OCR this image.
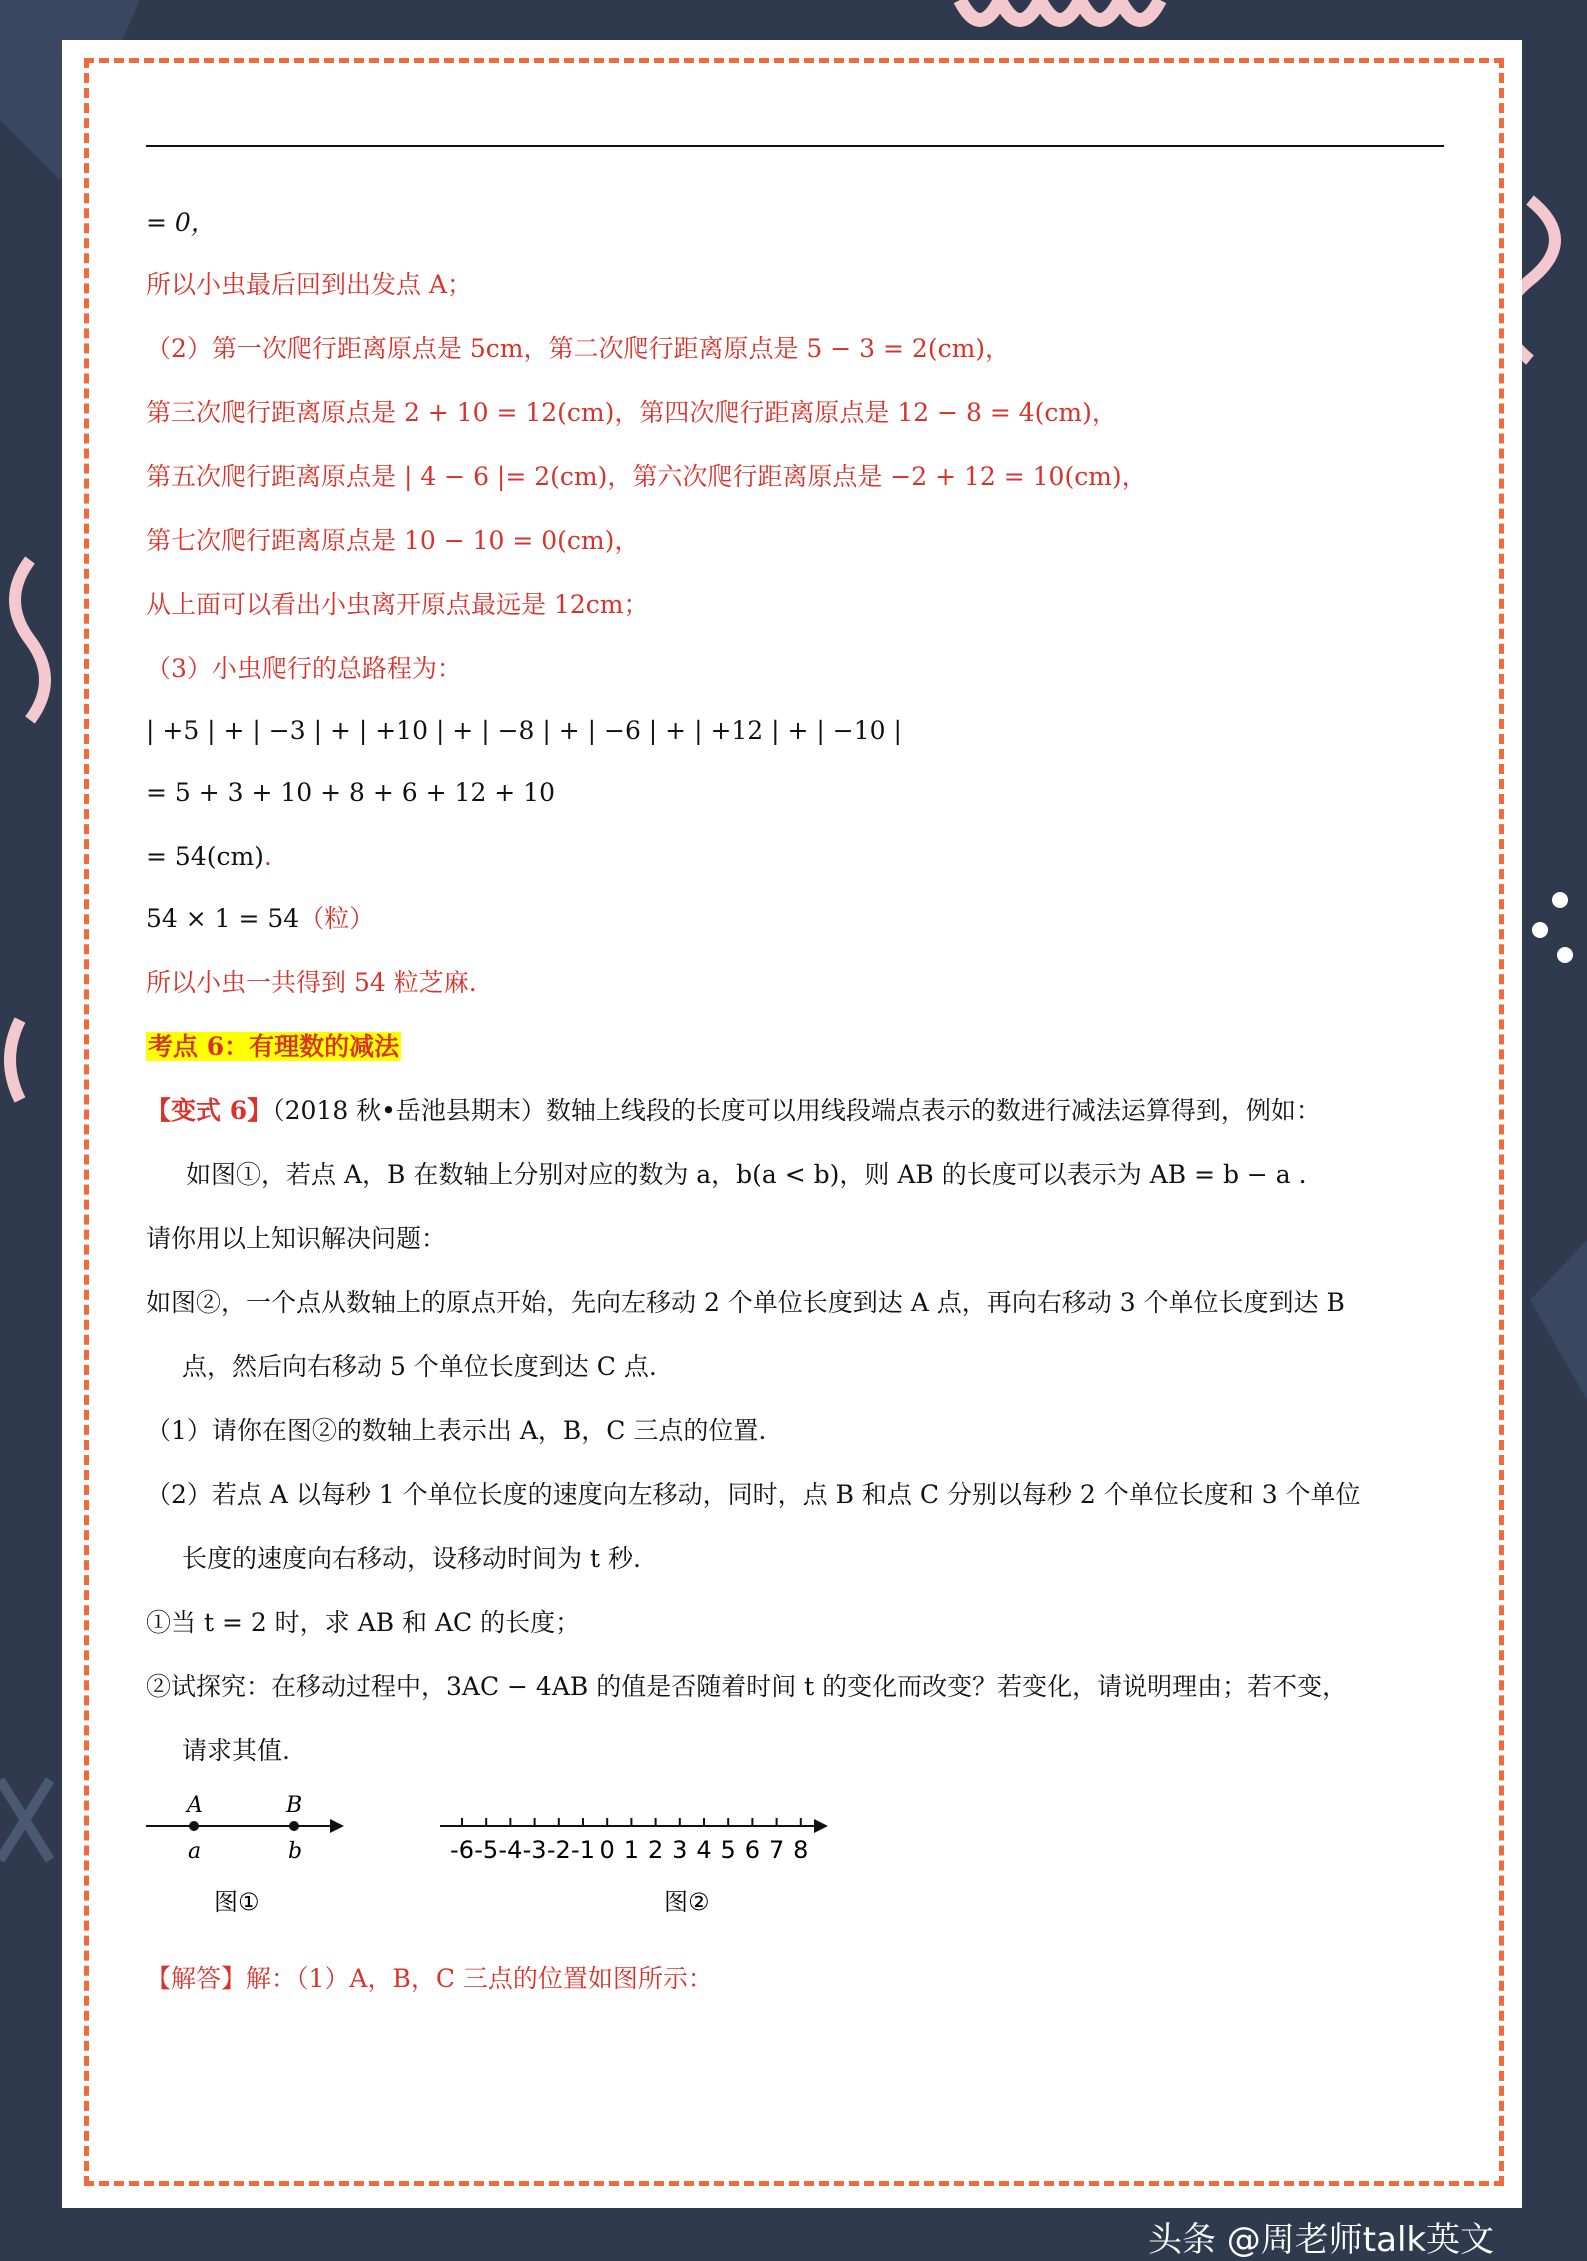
= 0，
所以小虫最后回到出发点 A；
（2）第一次爬行距离原点是 5cm，第二次爬行距离原点是 5 − 3 = 2(cm)，
第三次爬行距离原点是 2 + 10 = 12(cm)，第四次爬行距离原点是 12 − 8 = 4(cm)，
第五次爬行距离原点是 | 4 − 6 |= 2(cm)，第六次爬行距离原点是 −2 + 12 = 10(cm)，
第七次爬行距离原点是 10 − 10 = 0(cm)，
从上面可以看出小虫离开原点最远是 12cm；
（3）小虫爬行的总路程为：
| +5 | + | −3 | + | +10 | + | −8 | + | −6 | + | +12 | + | −10 |
= 5 + 3 + 10 + 8 + 6 + 12 + 10
= 54(cm).
54 × 1 = 54（粒）
所以小虫一共得到 54 粒芝麻.
考点 6：有理数的减法
【变式 6】（2018 秋•岳池县期末）数轴上线段的长度可以用线段端点表示的数进行减法运算得到，例如：
如图①，若点 A，B 在数轴上分别对应的数为 a，b(a < b)，则 AB 的长度可以表示为 AB = b − a .
请你用以上知识解决问题：
如图②，一个点从数轴上的原点开始，先向左移动 2 个单位长度到达 A 点，再向右移动 3 个单位长度到达 B
点，然后向右移动 5 个单位长度到达 C 点.
（1）请你在图②的数轴上表示出 A，B，C 三点的位置.
（2）若点 A 以每秒 1 个单位长度的速度向左移动，同时，点 B 和点 C 分别以每秒 2 个单位长度和 3 个单位
长度的速度向右移动，设移动时间为 t 秒.
①当 t = 2 时，求 AB 和 AC 的长度；
②试探究：在移动过程中，3AC − 4AB 的值是否随着时间 t 的变化而改变？若变化，请说明理由；若不变，
请求其值.
A	B
a	b
图①
-6 -5 -4 -3 -2 -1 0 1 2 3 4 5 6 7 8
图②
【解答】解：（1）A，B，C 三点的位置如图所示：
头条 @周老师talk英文
